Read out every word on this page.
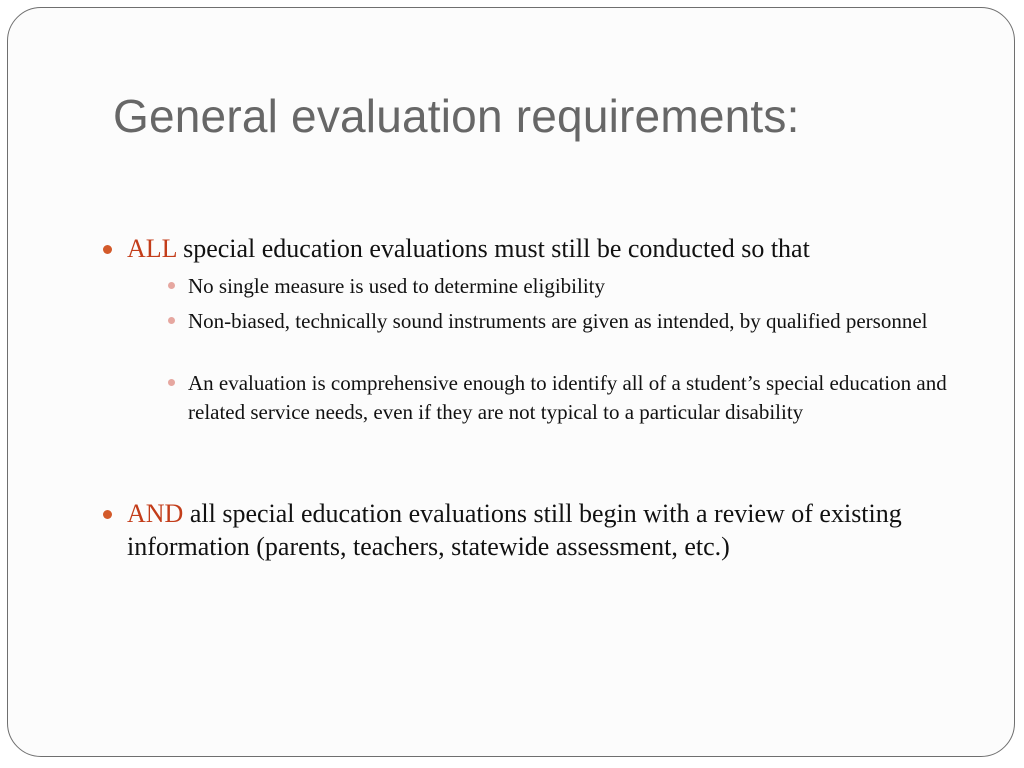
General evaluation requirements:
ALL special education evaluations must still be conducted so that
No single measure is used to determine eligibility
Non-biased, technically sound instruments are given as intended, by qualified personnel
An evaluation is comprehensive enough to identify all of a student’s special education and related service needs, even if they are not typical to a particular disability
AND all special education evaluations still begin with a review of existing information (parents, teachers, statewide assessment, etc.)
